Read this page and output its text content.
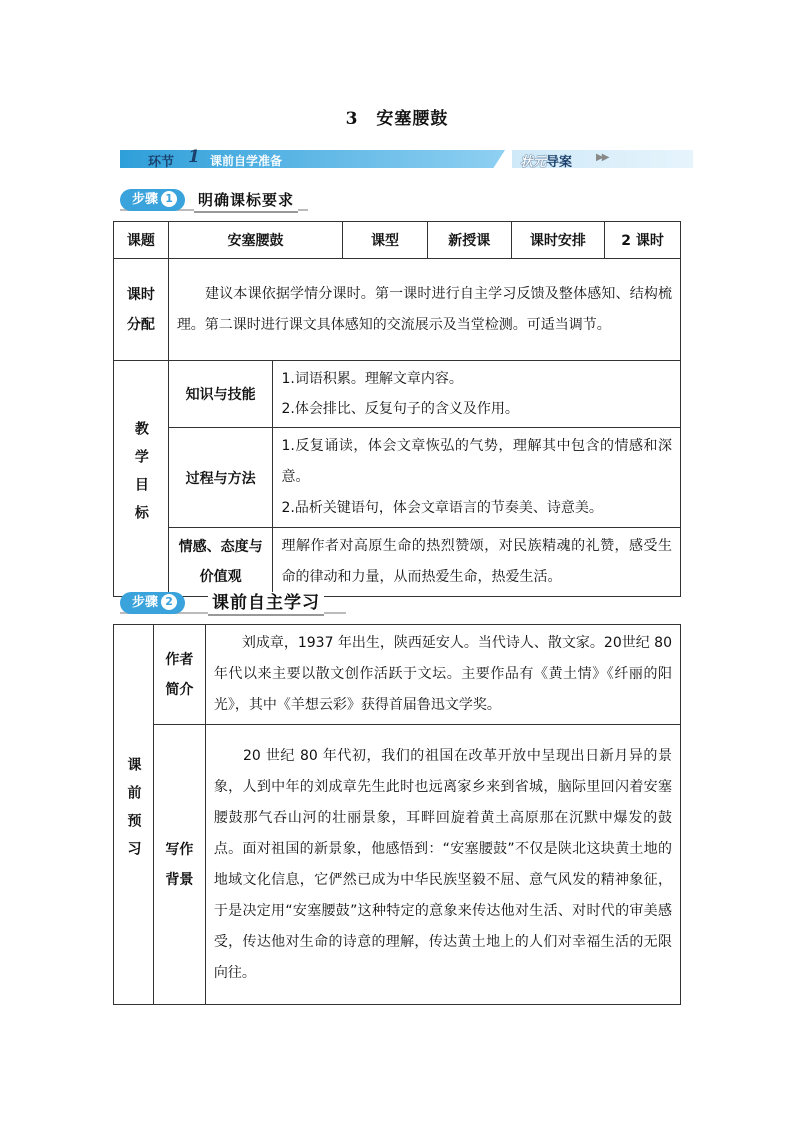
3　安塞腰鼓
环节 1 课前自学准备	状元导案 ▶▶
步骤 1	明确课标要求
课题	安塞腰鼓		课型	新授课	课时安排	2 课时

课时
分配	　　建议本课依据学情分课时。第一课时进行自主学习反馈及整体感知、结构梳理。第二课时进行课文具体感知的交流展示及当堂检测。可适当调节。					
教学目标	知识与技能	1.词语积累。理解文章内容。
2.体会排比、反复句子的含义及作用。				

	过程与方法	1.反复诵读，体会文章恢弘的气势，理解其中包含的情感和深意。
2.品析关键语句，体会文章语言的节奏美、诗意美。				

	情感、态度与
价值观	理解作者对高原生命的热烈赞颂，对民族精魂的礼赞，感受生命的律动和力量，从而热爱生命，热爱生活。				
步骤 2	课前自主学习
课前预习	作者
简介	　　刘成章，1937 年出生，陕西延安人。当代诗人、散文家。20世纪 80 年代以来主要以散文创作活跃于文坛。主要作品有《黄土情》《纤丽的阳光》，其中《羊想云彩》获得首届鲁迅文学奖。

	写作
背景	　　20 世纪 80 年代初，我们的祖国在改革开放中呈现出日新月异的景象，人到中年的刘成章先生此时也远离家乡来到省城，脑际里回闪着安塞腰鼓那气吞山河的壮丽景象，耳畔回旋着黄土高原那在沉默中爆发的鼓点。面对祖国的新景象，他感悟到：“安塞腰鼓”不仅是陕北这块黄土地的地域文化信息，它俨然已成为中华民族坚毅不屈、意气风发的精神象征，于是决定用“安塞腰鼓”这种特定的意象来传达他对生活、对时代的审美感受，传达他对生命的诗意的理解，传达黄土地上的人们对幸福生活的无限向往。
